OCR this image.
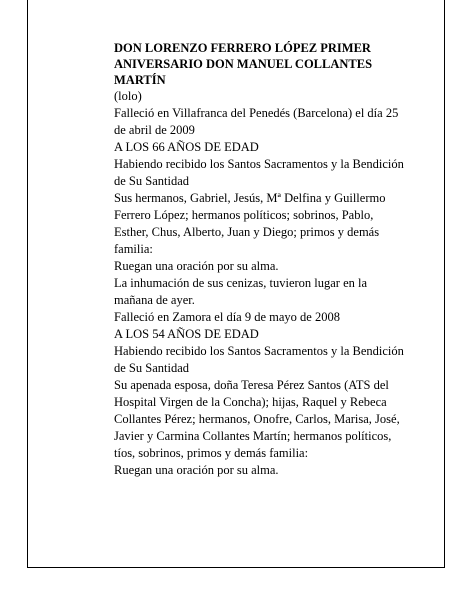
DON LORENZO FERRERO LÓPEZ PRIMER ANIVERSARIO DON MANUEL COLLANTES MARTÍN

(lolo)

Falleció en Villafranca del Penedés (Barcelona) el día 25 de abril de 2009

A LOS 66 AÑOS DE EDAD

Habiendo recibido los Santos Sacramentos y la Bendición de Su Santidad

Sus hermanos, Gabriel, Jesús, Mª Delfina y Guillermo Ferrero López; hermanos políticos; sobrinos, Pablo, Esther, Chus, Alberto, Juan y Diego; primos y demás familia:

Ruegan una oración por su alma.

La inhumación de sus cenizas, tuvieron lugar en la mañana de ayer.

Falleció en Zamora el día 9 de mayo de 2008

A LOS 54 AÑOS DE EDAD

Habiendo recibido los Santos Sacramentos y la Bendición de Su Santidad

Su apenada esposa, doña Teresa Pérez Santos (ATS del Hospital Virgen de la Concha); hijas, Raquel y Rebeca Collantes Pérez; hermanos, Onofre, Carlos, Marisa, José, Javier y Carmina Collantes Martín; hermanos políticos, tíos, sobrinos, primos y demás familia:

Ruegan una oración por su alma.
